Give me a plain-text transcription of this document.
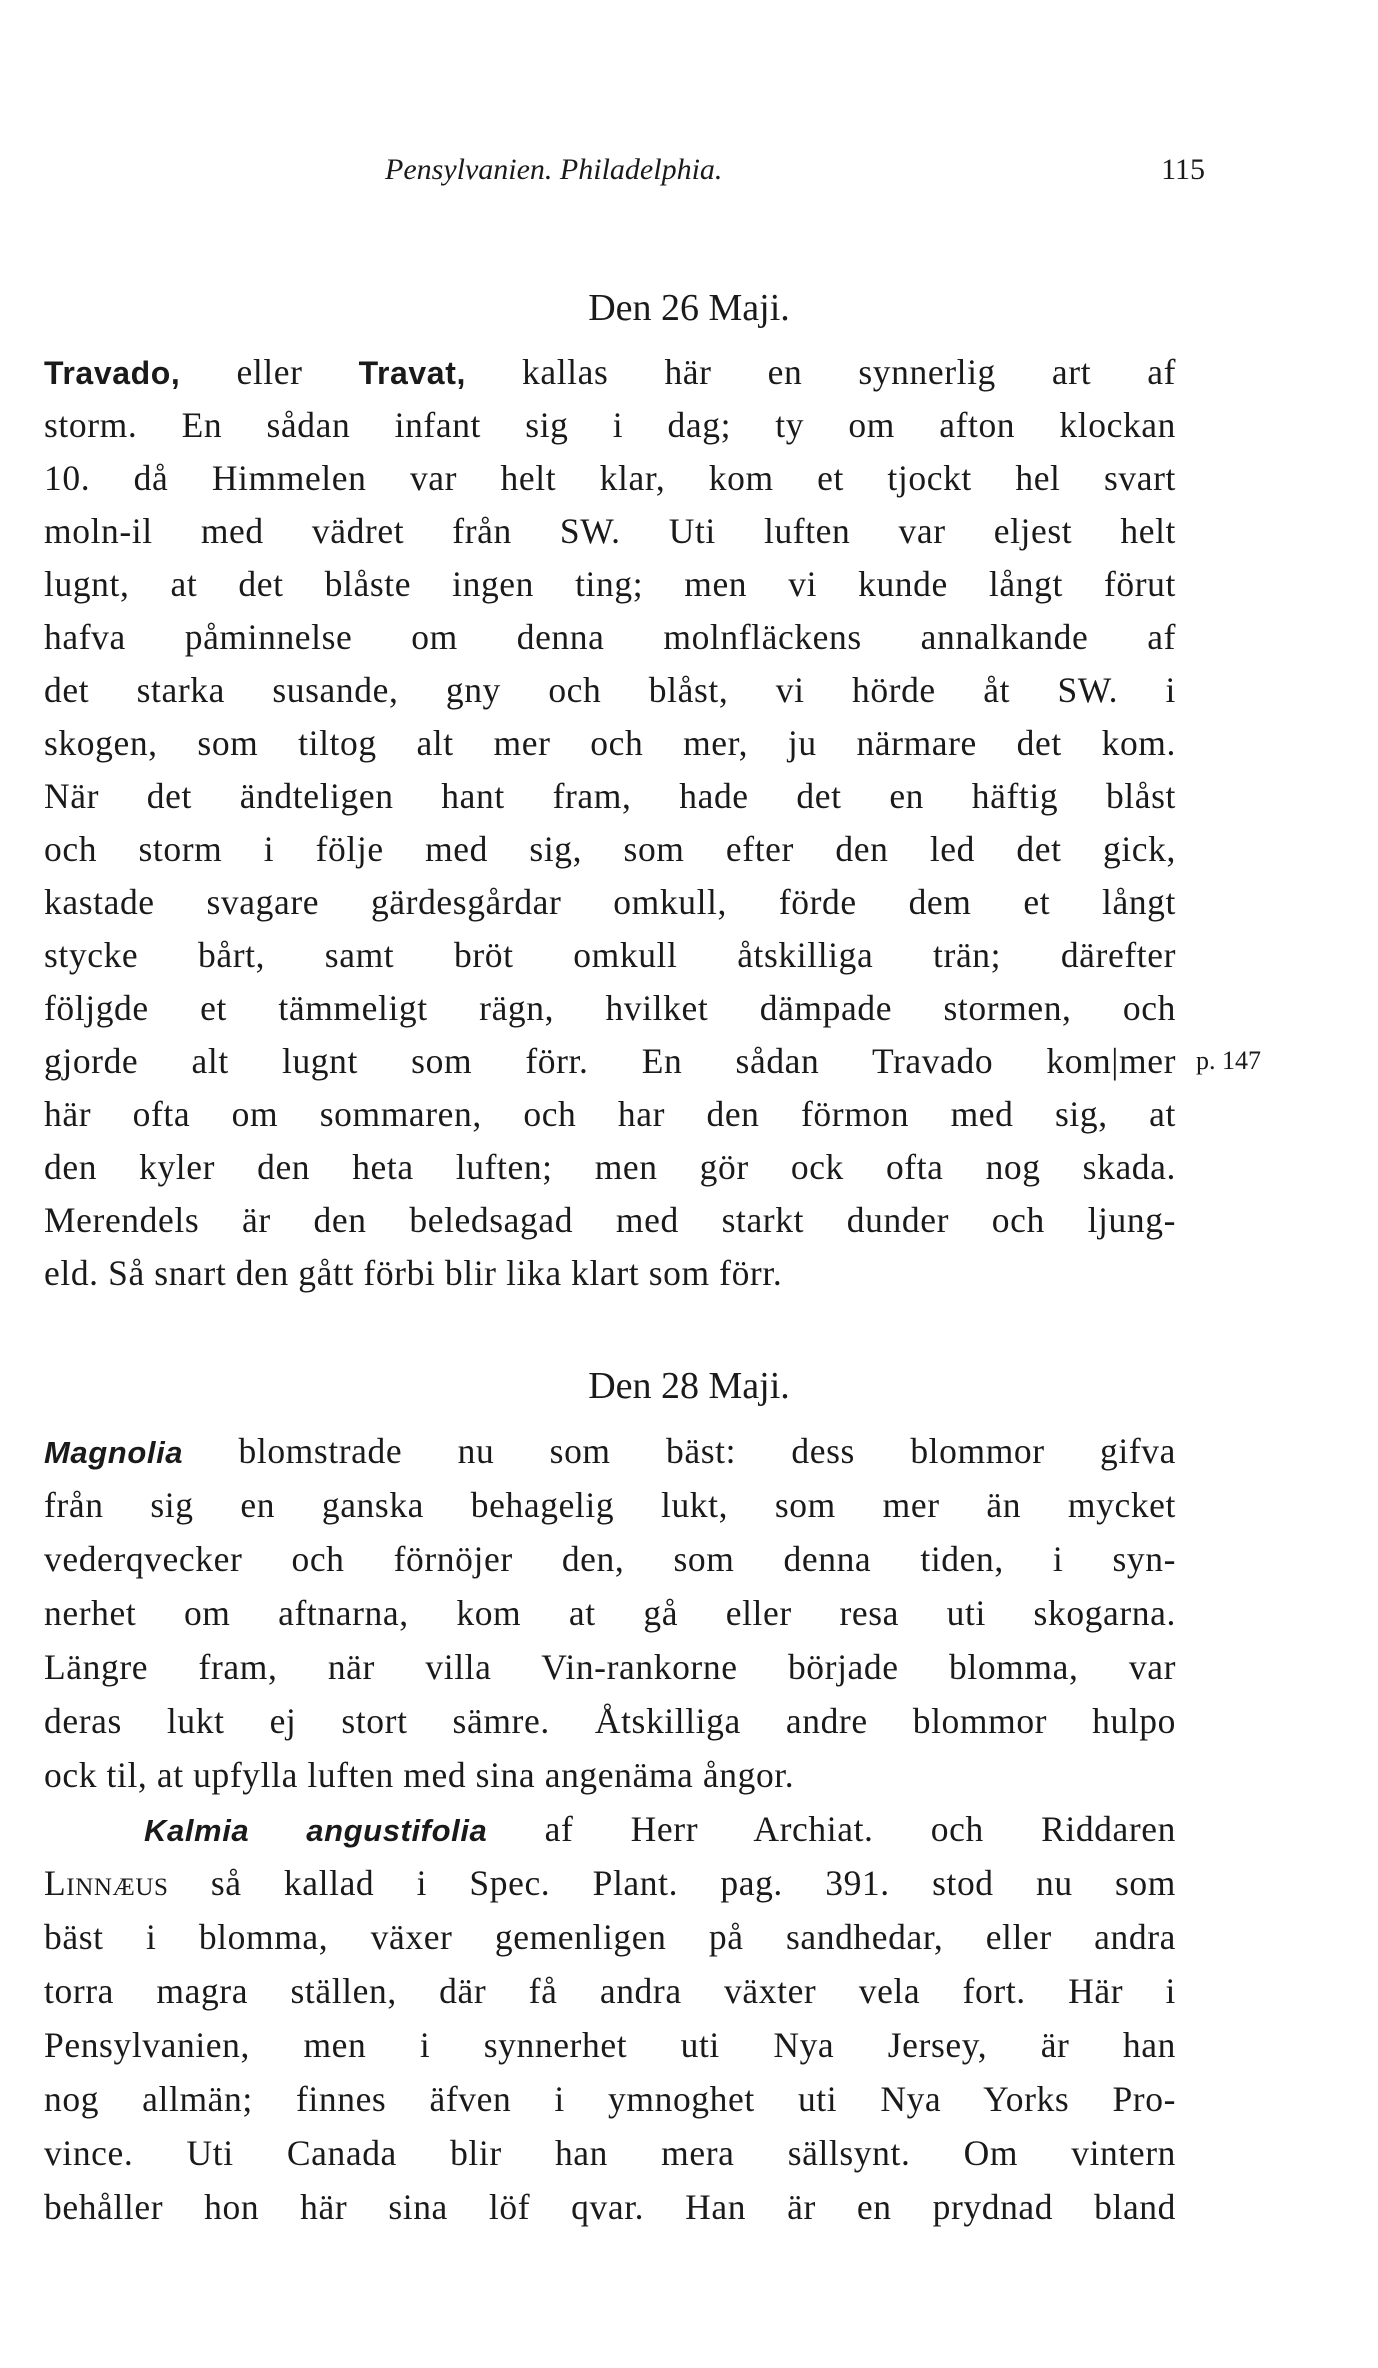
Pensylvanien. Philadelphia.	115
Den 26 Maji.
Travado, eller Travat, kallas här en synnerlig art af
storm. En sådan infant sig i dag; ty om afton klockan
10. då Himmelen var helt klar, kom et tjockt hel svart
moln-il med vädret från SW. Uti luften var eljest helt
lugnt, at det blåste ingen ting; men vi kunde långt förut
hafva påminnelse om denna molnfläckens annalkande af
det starka susande, gny och blåst, vi hörde åt SW. i
skogen, som tiltog alt mer och mer, ju närmare det kom.
När det ändteligen hant fram, hade det en häftig blåst
och storm i följe med sig, som efter den led det gick,
kastade svagare gärdesgårdar omkull, förde dem et långt
stycke bårt, samt bröt omkull åtskilliga trän; därefter
följgde et tämmeligt rägn, hvilket dämpade stormen, och
gjorde alt lugnt som förr. En sådan Travado kom|mer p. 147
här ofta om sommaren, och har den förmon med sig, at
den kyler den heta luften; men gör ock ofta nog skada.
Merendels är den beledsagad med starkt dunder och ljung-
eld. Så snart den gått förbi blir lika klart som förr.
Den 28 Maji.
Magnolia blomstrade nu som bäst: dess blommor gifva
från sig en ganska behagelig lukt, som mer än mycket
vederqvecker och förnöjer den, som denna tiden, i syn-
nerhet om aftnarna, kom at gå eller resa uti skogarna.
Längre fram, när villa Vin-rankorne började blomma, var
deras lukt ej stort sämre. Åtskilliga andre blommor hulpo
ock til, at upfylla luften med sina angenäma ångor.
Kalmia angustifolia af Herr Archiat. och Riddaren
Linnæus så kallad i Spec. Plant. pag. 391. stod nu som
bäst i blomma, växer gemenligen på sandhedar, eller andra
torra magra ställen, där få andra växter vela fort. Här i
Pensylvanien, men i synnerhet uti Nya Jersey, är han
nog allmän; finnes äfven i ymnoghet uti Nya Yorks Pro-
vince. Uti Canada blir han mera sällsynt. Om vintern
behåller hon här sina löf qvar. Han är en prydnad bland
